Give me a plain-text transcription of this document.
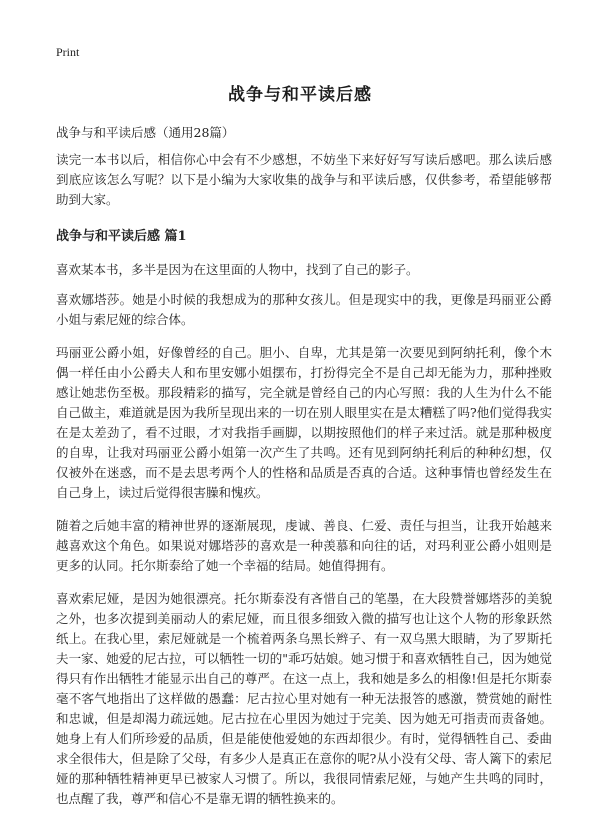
Print
战争与和平读后感

战争与和平读后感（通用28篇）

读完一本书以后，相信你心中会有不少感想，不妨坐下来好好写写读后感吧。那么读后感到底应该怎么写呢？以下是小编为大家收集的战争与和平读后感，仅供参考，希望能够帮助到大家。

战争与和平读后感 篇1

喜欢某本书，多半是因为在这里面的人物中，找到了自己的影子。

喜欢娜塔莎。她是小时候的我想成为的那种女孩儿。但是现实中的我，更像是玛丽亚公爵小姐与索尼娅的综合体。

玛丽亚公爵小姐，好像曾经的自己。胆小、自卑，尤其是第一次要见到阿纳托利，像个木偶一样任由小公爵夫人和布里安娜小姐摆布，打扮得完全不是自己却无能为力，那种挫败感让她悲伤至极。那段精彩的描写，完全就是曾经自己的内心写照：我的人生为什么不能自己做主，难道就是因为我所呈现出来的一切在别人眼里实在是太糟糕了吗?他们觉得我实在是太差劲了，看不过眼，才对我指手画脚，以期按照他们的样子来过活。就是那种极度的自卑，让我对玛丽亚公爵小姐第一次产生了共鸣。还有见到阿纳托利后的种种幻想，仅仅被外在迷惑，而不是去思考两个人的性格和品质是否真的合适。这种事情也曾经发生在自己身上，读过后觉得很害臊和愧疚。

随着之后她丰富的精神世界的逐渐展现，虔诚、善良、仁爱、责任与担当，让我开始越来越喜欢这个角色。如果说对娜塔莎的喜欢是一种羡慕和向往的话，对玛利亚公爵小姐则是更多的认同。托尔斯泰给了她一个幸福的结局。她值得拥有。

喜欢索尼娅，是因为她很漂亮。托尔斯泰没有吝惜自己的笔墨，在大段赞誉娜塔莎的美貌之外，也多次提到美丽动人的索尼娅，而且很多细致入微的描写也让这个人物的形象跃然纸上。在我心里，索尼娅就是一个梳着两条乌黑长辫子、有一双乌黑大眼睛，为了罗斯托夫一家、她爱的尼古拉，可以牺牲一切的"乖巧姑娘。她习惯于和喜欢牺牲自己，因为她觉得只有作出牺牲才能显示出自己的尊严。在这一点上，我和她是多么的相像!但是托尔斯泰毫不客气地指出了这样做的愚蠢：尼古拉心里对她有一种无法报答的感激，赞赏她的耐性和忠诚，但是却渴力疏远她。尼古拉在心里因为她过于完美、因为她无可指责而责备她。她身上有人们所珍爱的品质，但是能使他爱她的东西却很少。有时，觉得牺牲自己、委曲求全很伟大，但是除了父母，有多少人是真正在意你的呢?从小没有父母、寄人篱下的索尼娅的那种牺牲精神更早已被家人习惯了。所以，我很同情索尼娅，与她产生共鸣的同时，也点醒了我，尊严和信心不是靠无谓的牺牲换来的。
